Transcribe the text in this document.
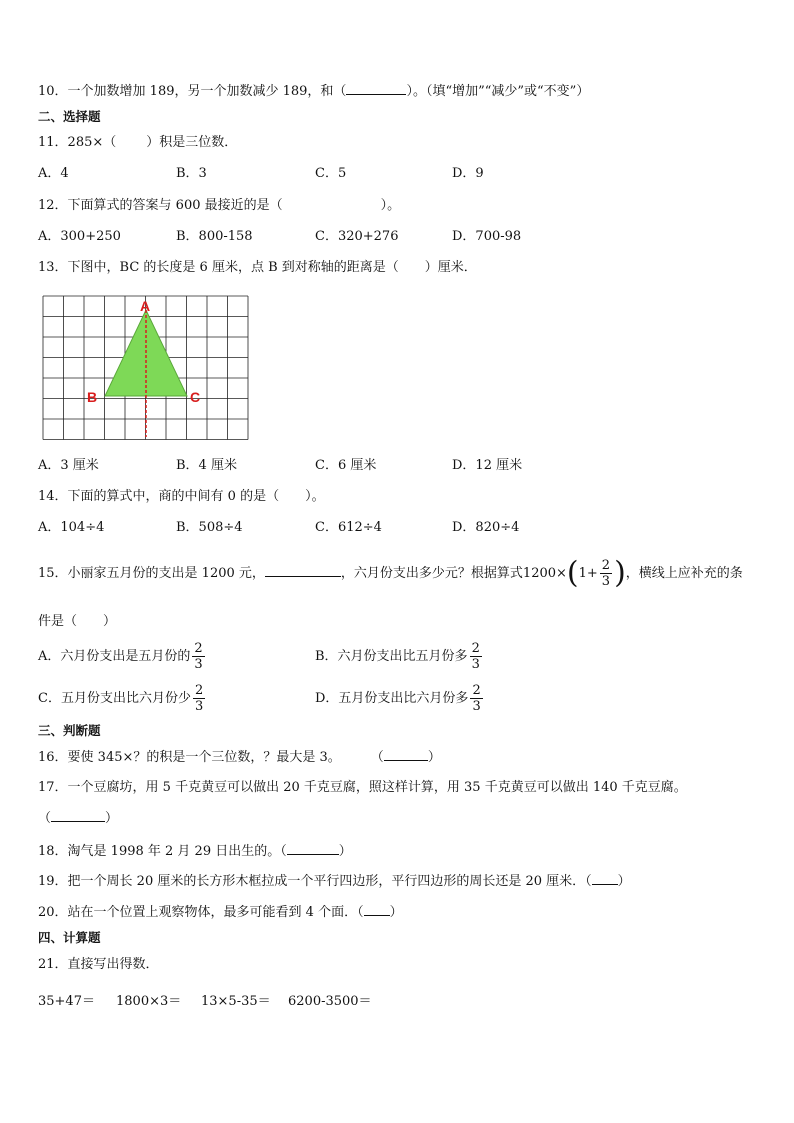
10．一个加数增加 189，另一个加数减少 189，和（	）。（填“增加”“减少”或“不变”）
二、选择题
11．285×（ ）积是三位数．
A．4	B．3	C．5	D．9
12．下面算式的答案与 600 最接近的是（	）。
A．300+250	B．800-158	C．320+276	D．700-98
13．下图中，BC 的长度是 6 厘米，点 B 到对称轴的距离是（　　）厘米．
A
B	C
A．3 厘米	B．4 厘米	C．6 厘米	D．12 厘米
14．下面的算式中，商的中间有 0 的是（　　）。
A．104÷4	B．508÷4	C．612÷4	D．820÷4
15．小丽家五月份的支出是 1200 元，	，六月份支出多少元？根据算式$1200\times(1+ \frac{2}{3}$ )，横线上应补充的条
件是（　　）
A．六月份支出是五月份的 $\frac{2}{3}$	B．六月份支出比五月份多 $\frac{2}{3}$
C．五月份支出比六月份少 $\frac{2}{3}$	D．五月份支出比六月份多 $\frac{2}{3}$
三、判断题
16．要使 345×？的积是一个三位数，？最大是 3。 （	）
17．一个豆腐坊，用 5 千克黄豆可以做出 20 千克豆腐，照这样计算，用 35 千克黄豆可以做出 140 千克豆腐。
（	）
18．淘气是 1998 年 2 月 29 日出生的。（	）
19．把一个周长 20 厘米的长方形木框拉成一个平行四边形，平行四边形的周长还是 20 厘米．（ ）
20．站在一个位置上观察物体，最多可能看到 4 个面．（ ）
四、计算题
21．直接写出得数．
35+47＝ 1800×3＝ 13×5-35＝ 6200-3500＝
